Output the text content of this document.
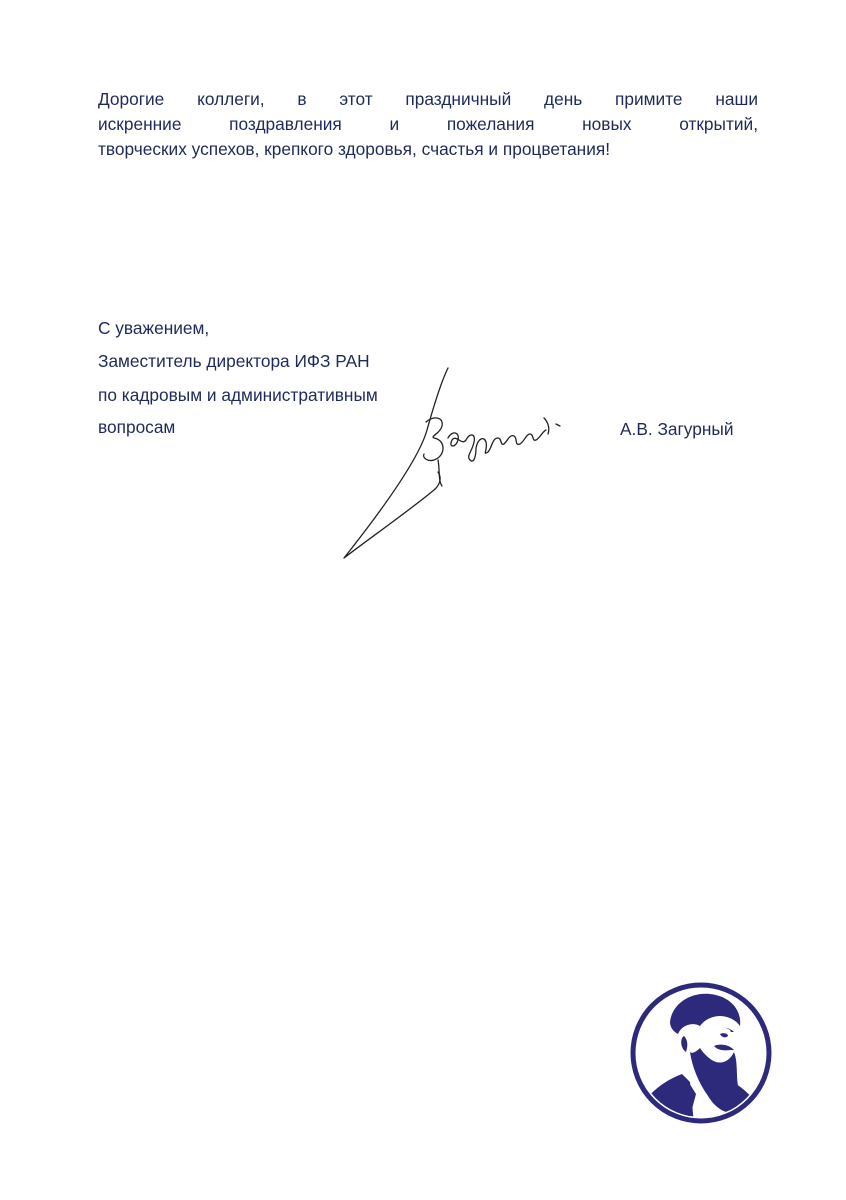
Дорогие коллеги, в этот праздничный день примите наши
искренние поздравления и пожелания новых открытий,
творческих успехов, крепкого здоровья, счастья и процветания!

С уважением,

Заместитель директора ИФЗ РАН

по кадровым и административным

вопросам	А.В. Загурный
